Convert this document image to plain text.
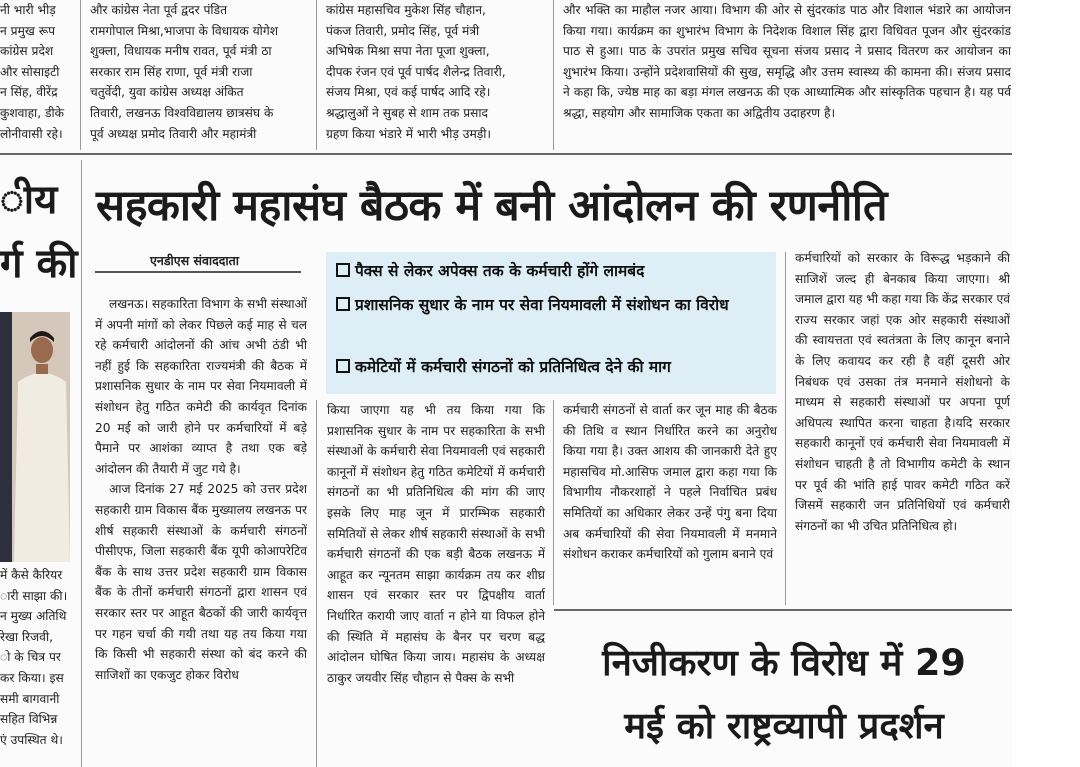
नी भारी भीड़
न प्रमुख रूप
कांग्रेस प्रदेश
और सोसाइटी
न सिंह, वीरेंद्र
कुशवाहा, डीके
लोनीवासी रहे।
और कांग्रेस नेता पूर्व द्वदर पंडित
रामगोपाल मिश्रा,भाजपा के विधायक योगेश
शुक्ला, विधायक मनीष रावत, पूर्व मंत्री ठा
सरकार राम सिंह राणा, पूर्व मंत्री राजा
चतुर्वेदी, युवा कांग्रेस अध्यक्ष अंकित
तिवारी, लखनऊ विश्वविद्यालय छात्रसंघ के
पूर्व अध्यक्ष प्रमोद तिवारी और महामंत्री
कांग्रेस महासचिव मुकेश सिंह चौहान,
पंकज तिवारी, प्रमोद सिंह, पूर्व मंत्री
अभिषेक मिश्रा सपा नेता पूजा शुक्ला,
दीपक रंजन एवं पूर्व पार्षद शैलेन्द्र तिवारी,
संजय मिश्रा, एवं कई पार्षद आदि रहे।
श्रद्धालुओं ने सुबह से शाम तक प्रसाद
ग्रहण किया भंडारे में भारी भीड़ उमड़ी।
और भक्ति का माहौल नजर आया। विभाग की ओर से सुंदरकांड पाठ और विशाल भंडारे का आयोजन किया गया। कार्यक्रम का शुभारंभ विभाग के निदेशक विशाल सिंह द्वारा विधिवत पूजन और सुंदरकांड पाठ से हुआ। पाठ के उपरांत प्रमुख सचिव सूचना संजय प्रसाद ने प्रसाद वितरण कर आयोजन का शुभारंभ किया। उन्होंने प्रदेशवासियों की सुख, समृद्धि और उत्तम स्वास्थ्य की कामना की। संजय प्रसाद ने कहा कि, ज्येष्ठ माह का बड़ा मंगल लखनऊ की एक आध्यात्मिक और सांस्कृतिक पहचान है। यह पर्व श्रद्धा, सहयोग और सामाजिक एकता का अद्वितीय उदाहरण है।
ीय
र्ग की
में कैसे कैरियर
ारी साझा की।
न मुख्य अतिथि
रेखा रिजवी,
ो के चित्र पर
कर किया। इस
समी बागवानी
सहित विभिन्न
एं उपस्थित थे।
सहकारी महासंघ बैठक में बनी आंदोलन की रणनीति
एनडीएस संवाददाता
पैक्स से लेकर अपेक्स तक के कर्मचारी होंगे लामबंद
प्रशासनिक सुधार के नाम पर सेवा नियमावली में संशोधन का विरोध
कमेटियों में कर्मचारी संगठनों को प्रतिनिधित्व देने की माग

लखनऊ। सहकारिता विभाग के सभी संस्थाओं में अपनी मांगों को लेकर पिछले कई माह से चल रहे कर्मचारी आंदोलनों की आंच अभी ठंडी भी नहीं हुई कि सहकारिता राज्यमंत्री की बैठक में प्रशासनिक सुधार के नाम पर सेवा नियमावली में संशोधन हेतु गठित कमेटी की कार्यवृत दिनांक 20 मई को जारी होने पर कर्मचारियों में बड़े पैमाने पर आशंका व्याप्त है तथा एक बड़े आंदोलन की तैयारी में जुट गये है।

आज दिनांक 27 मई 2025 को उत्तर प्रदेश सहकारी ग्राम विकास बैंक मुख्यालय लखनऊ पर शीर्ष सहकारी संस्थाओं के कर्मचारी संगठनों पीसीएफ, जिला सहकारी बैंक यूपी कोआपरेटिव बैंक के साथ उत्तर प्रदेश सहकारी ग्राम विकास बैंक के तीनों कर्मचारी संगठनों द्वारा शासन एवं सरकार स्तर पर आहूत बैठकों की जारी कार्यवृत्त पर गहन चर्चा की गयी तथा यह तय किया गया कि किसी भी सहकारी संस्था को बंद करने की साजिशों का एकजुट होकर विरोध

किया जाएगा यह भी तय किया गया कि प्रशासनिक सुधार के नाम पर सहकारिता के सभी संस्थाओं के कर्मचारी सेवा नियमावली एवं सहकारी कानूनों में संशोधन हेतु गठित कमेटियों में कर्मचारी संगठनों का भी प्रतिनिधित्व की मांग की जाए इसके लिए माह जून में प्रारम्भिक सहकारी समितियों से लेकर शीर्ष सहकारी संस्थाओं के सभी कर्मचारी संगठनों की एक बड़ी बैठक लखनऊ में आहूत कर न्यूनतम साझा कार्यक्रम तय कर शीघ्र शासन एवं सरकार स्तर पर द्विपक्षीय वार्ता निर्धारित करायी जाए वार्ता न होने या विफल होने की स्थिति में महासंघ के बैनर पर चरण बद्ध आंदोलन घोषित किया जाय। महासंघ के अध्यक्ष ठाकुर जयवीर सिंह चौहान से पैक्स के सभी
कर्मचारी संगठनों से वार्ता कर जून माह की बैठक की तिथि व स्थान निर्धारित करने का अनुरोध किया गया है। उक्त आशय की जानकारी देते हुए महासचिव मो.आसिफ जमाल द्वारा कहा गया कि विभागीय नौकरशाहों ने पहले निर्वाचित प्रबंध समितियों का अधिकार लेकर उन्हें पंगु बना दिया अब कर्मचारियों की सेवा नियमावली में मनमाने संशोधन कराकर कर्मचारियों को गुलाम बनाने एवं
कर्मचारियों को सरकार के विरूद्ध भड़काने की साजिशें जल्द ही बेनकाब किया जाएगा। श्री जमाल द्वारा यह भी कहा गया कि केंद्र सरकार एवं राज्य सरकार जहां एक ओर सहकारी संस्थाओं की स्वायत्तता एवं स्वतंत्रता के लिए कानून बनाने के लिए कवायद कर रही है वहीं दूसरी ओर निबंधक एवं उसका तंत्र मनमाने संशोधनो के माध्यम से सहकारी संस्थाओं पर अपना पूर्ण अधिपत्य स्थापित करना चाहता है।यदि सरकार सहकारी कानूनों एवं कर्मचारी सेवा नियमावली में संशोधन चाहती है तो विभागीय कमेटी के स्थान पर पूर्व की भांति हाई पावर कमेटी गठित करें जिसमें सहकारी जन प्रतिनिधियों एवं कर्मचारी संगठनों का भी उचित प्रतिनिधित्व हो।
निजीकरण के विरोध में 29
मई को राष्ट्रव्यापी प्रदर्शन
